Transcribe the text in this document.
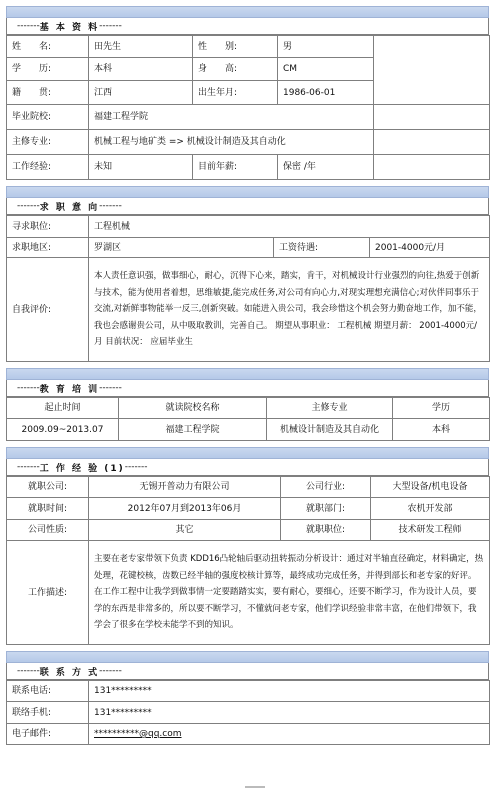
------- 基 本 资 料 -------
姓　　名:	田先生	性　　别:	男	
学　　历:	本科	身　　高:	CM	
籍　　贯:	江西	出生年月:	1986-06-01	
毕业院校:	福建工程学院			
主修专业:	机械工程与地矿类 => 机械设计制造及其自动化			
工作经验:	未知	目前年薪:	保密 /年	
------- 求 职 意 向 -------
寻求职位:	工程机械		
求职地区:	罗湖区	工资待遇:	2001-4000元/月
自我评价:	本人责任意识强，做事细心，耐心，沉得下心来，踏实，肯干，对机械设计行业强烈的向往,热爱于创新与技术，能为使用者着想，思维敏捷,能完成任务,对公司有向心力,对现实理想充满信心;对伙伴同事乐于交流,对新鲜事物能举一反三,创新突破。如能进入贵公司，我会珍惜这个机会努力勤奋地工作，加不能，我也会感谢贵公司，从中吸取教训，完善自己。 期望从事职业： 工程机械 期望月薪： 2001-4000元/月 目前状况： 应届毕业生		
------- 教 育 培 训 -------
起止时间	就读院校名称	主修专业	学历
2009.09~2013.07	福建工程学院	机械设计制造及其自动化	本科
------- 工 作 经 验 (1) -------
就职公司:	无锡开普动力有限公司	公司行业:	大型设备/机电设备
就职时间:	2012年07月到2013年06月	就职部门:	农机开发部
公司性质:	其它	就职职位:	技术研发工程师
工作描述:	主要在老专家带领下负责 KDD16凸轮轴后驱动扭转振动分析设计：通过对半轴直径确定，材料确定，热处理，花键校核，齿数已经半轴的强度校核计算等，最终成功完成任务，并得到部长和老专家的好评。在工作工程中让我学到做事情一定要踏踏实实，要有耐心，要细心，还要不断学习，作为设计人员，要学的东西是非常多的，所以要不断学习，不懂就问老专家，他们学识经验非常丰富，在他们带领下，我学会了很多在学校未能学不到的知识。		
------- 联 系 方 式 -------
联系电话:	131*********
联络手机:	131*********
电子邮件:	**********@qq.com
